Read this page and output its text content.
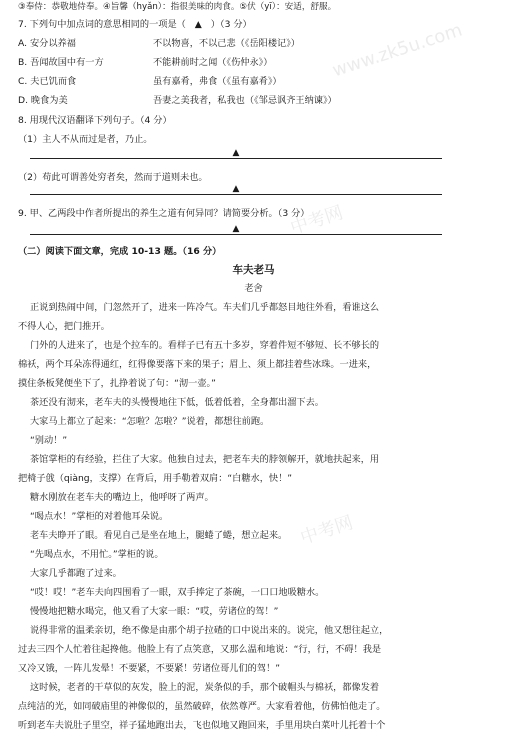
www.zk5u.com
中考网
中考网
③奉侍：恭敬地侍奉。④旨馨（hyǎn）：指很美味的肉食。⑤伏（yī）：安适，舒服。
7. 下列句中加点词的意思相同的一项是（ ▲ ）（3 分）
A. 安分以养福	不以物喜，不以己悲（《岳阳楼记》）
B. 吾闻故国中有一方	不能耕前时之闻（《伤仲永》）
C. 夫已饥而食	虽有嘉肴，弗食（《虽有嘉肴》）
D. 晚食为美	吾妻之美我者，私我也（《邹忌讽齐王纳谏》）
8. 用现代汉语翻译下列句子。（4 分）
（1）主人不从而过是者，乃止。
▲
（2）苟此可谓善处穷者矣，然而于道则未也。
▲
9. 甲、乙两段中作者所提出的养生之道有何异同？请简要分析。（3 分）
▲
（二）阅读下面文章，完成 10-13 题。（16 分）
车夫老马
老舍
正说到热闹中间，门忽然开了，进来一阵冷气。车夫们几乎都怒目地往外看，看谁这么
不得人心，把门推开。
门外的人进来了，也是个拉车的。看样子已有五十多岁，穿着件短不够短、长不够长的
棉袄，两个耳朵冻得通红，红得像要落下来的果子；眉上、须上都挂着些冰珠。一进来，
摸住条板凳便坐下了，扎挣着说了句：“沏一壶。”
茶还没有沏来，老车夫的头慢慢地往下低，低着低着，全身都出溜下去。
大家马上都立了起来：“怎啦？怎啦？”说着，都想往前跑。
“别动！”
茶馆掌柜的有经验，拦住了大家。他独自过去，把老车夫的脖领解开，就地扶起来，用
把椅子戗（qiàng，支撑）在背后，用手勒着双肩：“白糖水，快！”
糖水刚放在老车夫的嘴边上，他呼呀了两声。
“喝点水！”掌柜的对着他耳朵说。
老车夫睁开了眼。看见自己是坐在地上，腿蜷了蜷，想立起来。
“先喝点水，不用忙。”掌柜的说。
大家几乎都跑了过来。
“哎！哎！”老车夫向四围看了一眼，双手捧定了茶碗，一口口地吸糖水。
慢慢地把糖水喝完，他又看了大家一眼：“哎，劳诸位的驾！”
说得非常的温柔亲切，绝不像是由那个胡子拉碴的口中说出来的。说完，他又想往起立，
过去三四个人忙着往起搀他。他脸上有了点笑意，又那么温和地说：“行，行，不碍！我是
又冷又饿，一阵儿发晕！不要紧，不要紧！劳诸位哥儿们的驾！”
这时候，老者的干草似的灰发，脸上的泥，炭条似的手，那个破帽头与棉袄，都像发着
点纯洁的光，如同破庙里的神像似的，虽然破碎，依然尊严。大家看着他，仿佛怕他走了。
听到老车夫说肚子里空，祥子猛地跑出去，飞也似地又跑回来，手里用块白菜叶儿托着十个
